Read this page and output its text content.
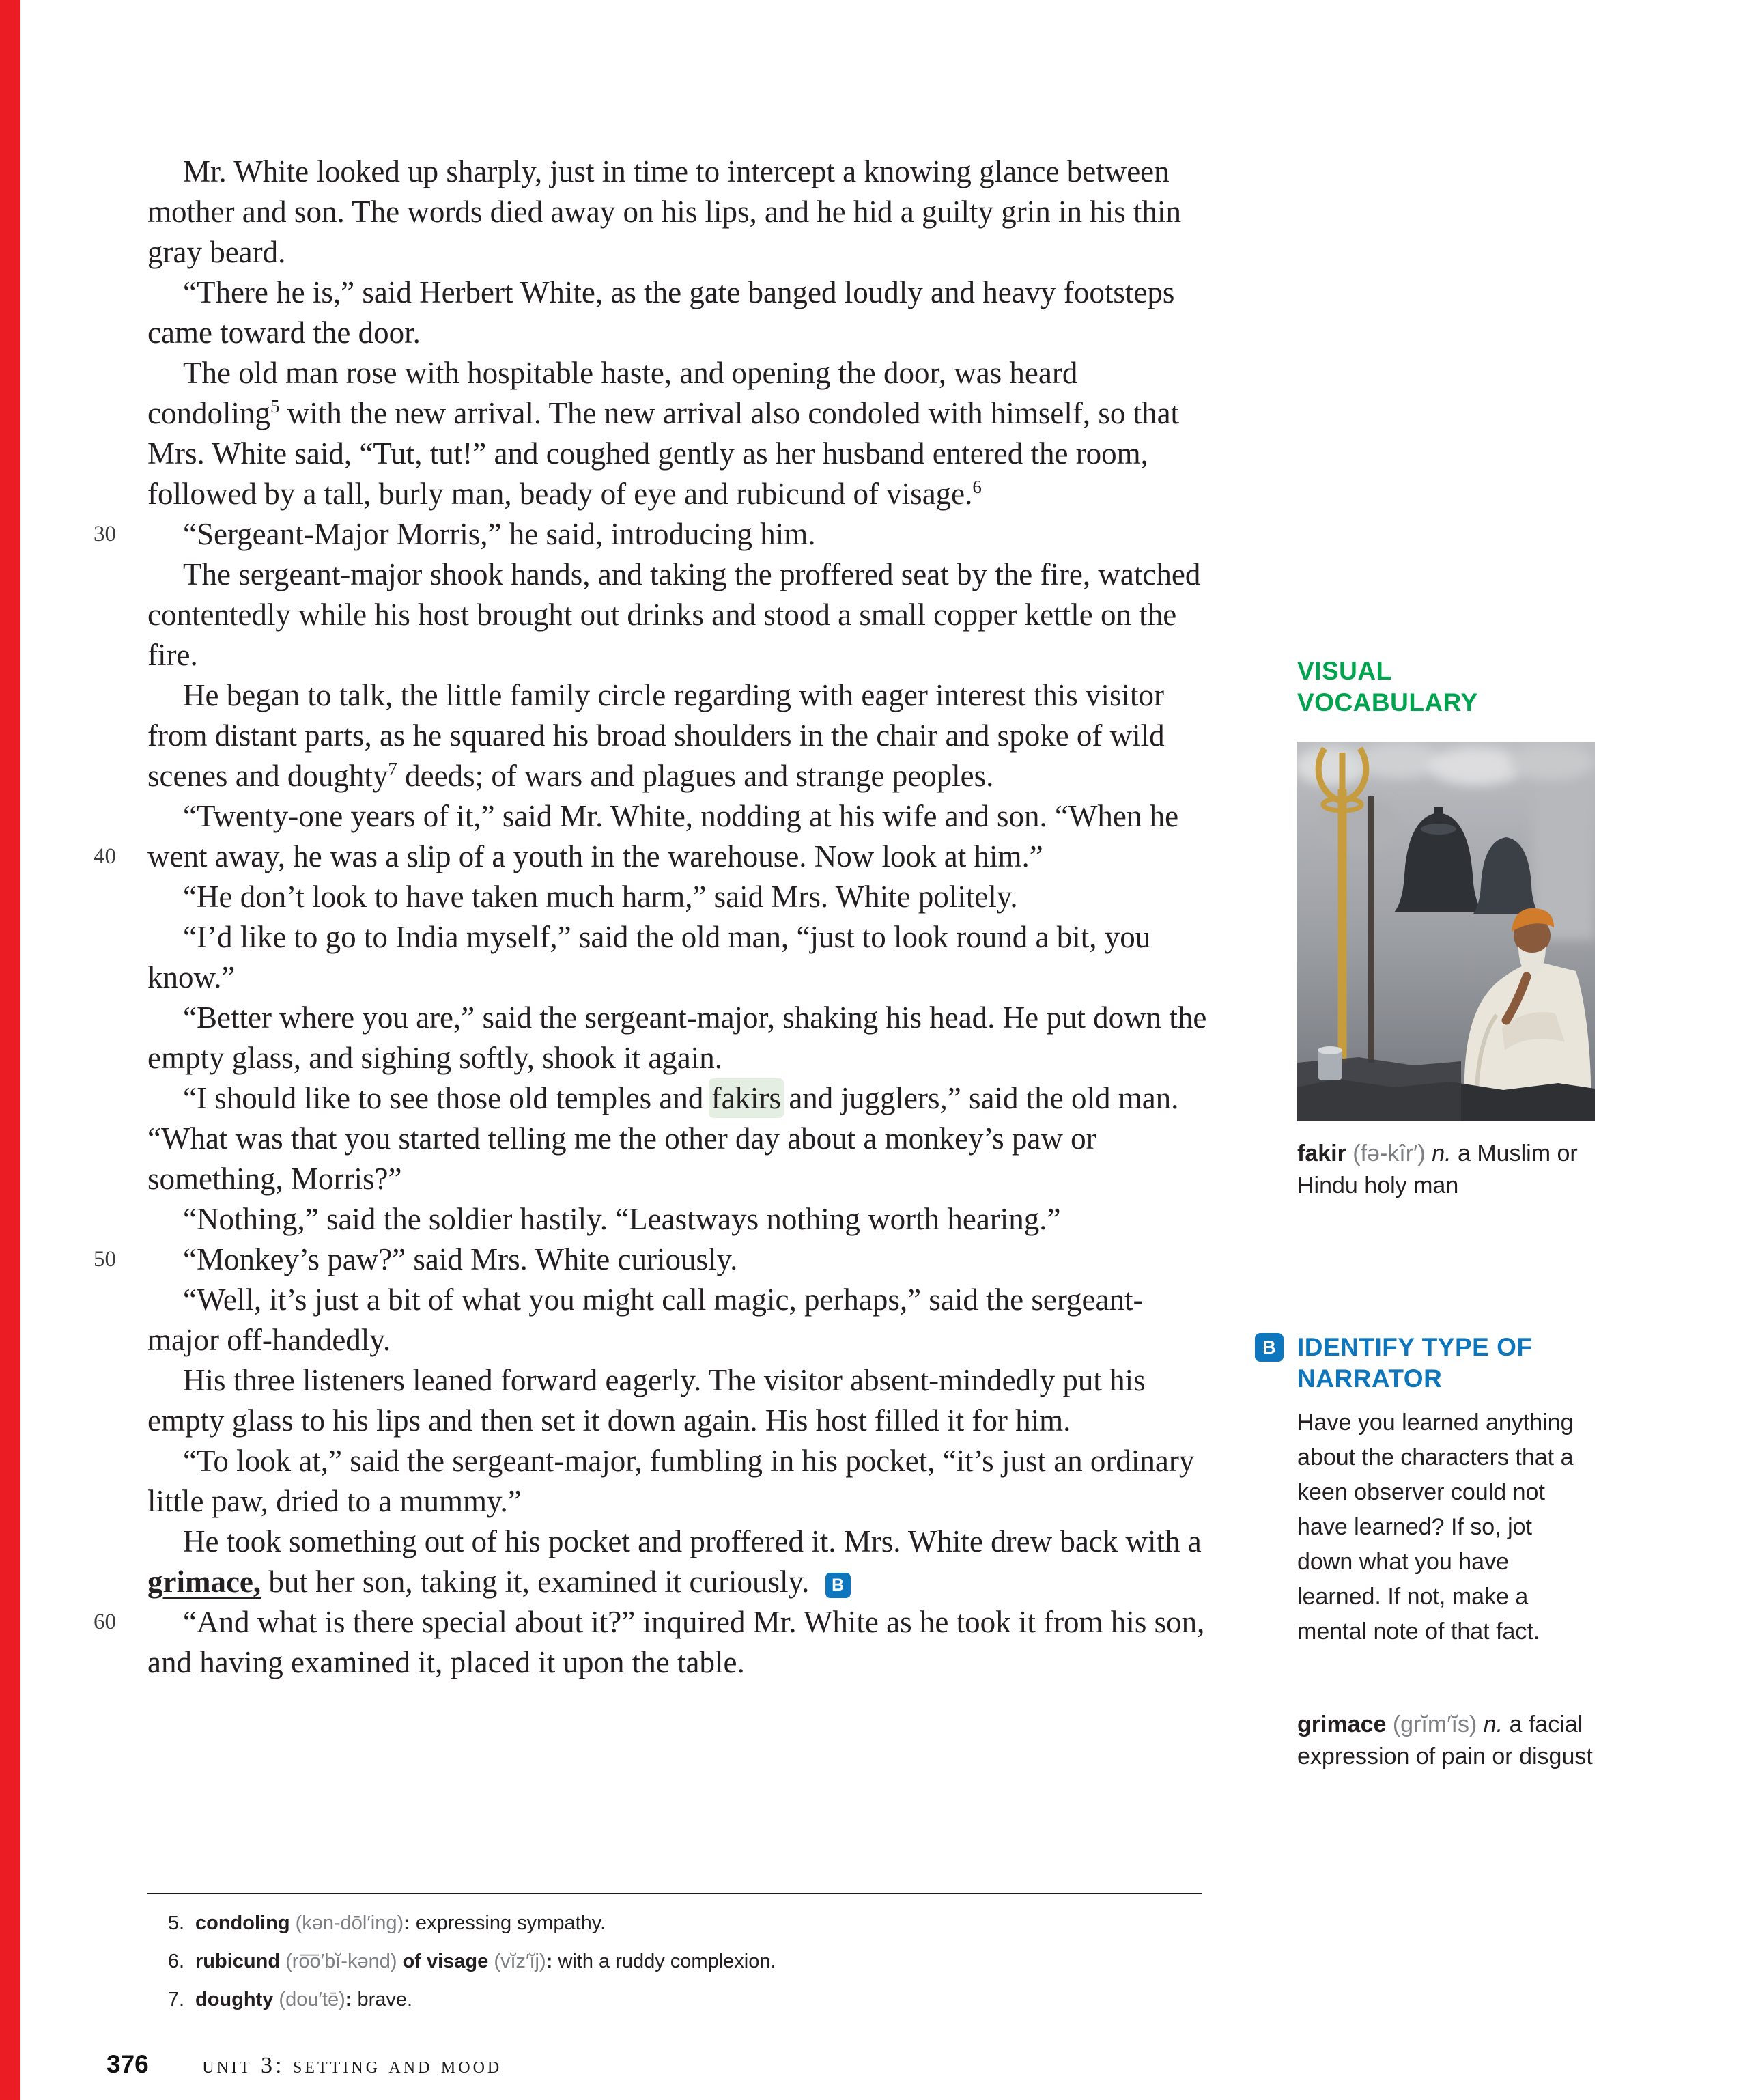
Mr. White looked up sharply, just in time to intercept a knowing glance between mother and son. The words died away on his lips, and he hid a guilty grin in his thin gray beard.

“There he is,” said Herbert White, as the gate banged loudly and heavy footsteps came toward the door.

The old man rose with hospitable haste, and opening the door, was heard condoling$^5$ with the new arrival. The new arrival also condoled with himself, so that Mrs. White said, “Tut, tut!” and coughed gently as her husband entered the room, followed by a tall, burly man, beady of eye and rubicund of visage.$^6$

30 “Sergeant-Major Morris,” he said, introducing him.

The sergeant-major shook hands, and taking the proffered seat by the fire, watched contentedly while his host brought out drinks and stood a small copper kettle on the fire.

He began to talk, the little family circle regarding with eager interest this visitor from distant parts, as he squared his broad shoulders in the chair and spoke of wild scenes and doughty$^7$ deeds; of wars and plagues and strange peoples.

40
“Twenty-one years of it,” said Mr. White, nodding at his wife and son. “When he went away, he was a slip of a youth in the warehouse. Now look at him.”

“He don’t look to have taken much harm,” said Mrs. White politely.

“I’d like to go to India myself,” said the old man, “just to look round a bit, you know.”

“Better where you are,” said the sergeant-major, shaking his head. He put down the empty glass, and sighing softly, shook it again.

“I should like to see those old temples and fakirs and jugglers,” said the old man. “What was that you started telling me the other day about a monkey’s paw or something, Morris?”

“Nothing,” said the soldier hastily. “Leastways nothing worth hearing.”

50 “Monkey’s paw?” said Mrs. White curiously.

“Well, it’s just a bit of what you might call magic, perhaps,” said the sergeant-major off-handedly.

His three listeners leaned forward eagerly. The visitor absent-mindedly put his empty glass to his lips and then set it down again. His host filled it for him.

“To look at,” said the sergeant-major, fumbling in his pocket, “it’s just an ordinary little paw, dried to a mummy.”

He took something out of his pocket and proffered it. Mrs. White drew back with a grimace, but her son, taking it, examined it curiously. B

60 “And what is there special about it?” inquired Mr. White as he took it from his son, and having examined it, placed it upon the table.

VISUAL VOCABULARY

fakir (fə-kîr′) n. a Muslim or Hindu holy man

B IDENTIFY TYPE OF NARRATOR

Have you learned anything about the characters that a keen observer could not have learned? If so, jot down what you have learned. If not, make a mental note of that fact.

grimace (grĭm′ĭs) n. a facial expression of pain or disgust

5. condoling (kən-dōl′ing): expressing sympathy.

6. rubicund (ro͞o′bĭ-kənd) of visage (vĭz′ĭj): with a ruddy complexion.

7. doughty (dou′tē): brave.

376 unit 3: setting and mood
